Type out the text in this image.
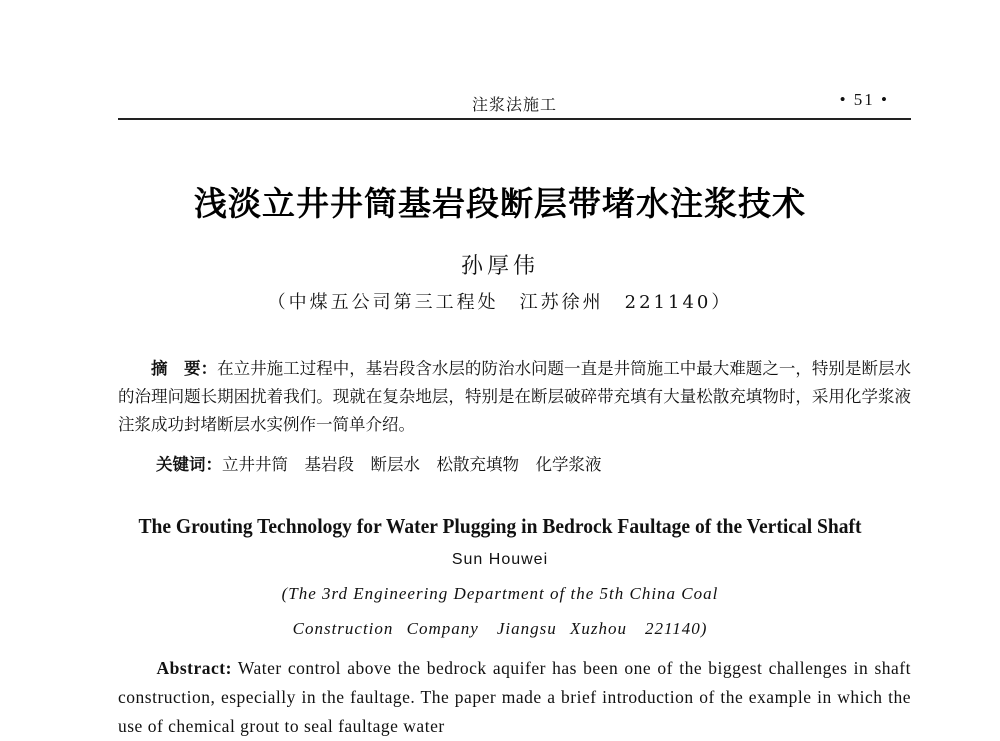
注浆法施工	• 51 •
浅淡立井井筒基岩段断层带堵水注浆技术
孙厚伟
（中煤五公司第三工程处　江苏徐州　221140）
摘　要：在立井施工过程中，基岩段含水层的防治水问题一直是井筒施工中最大难题之一，特别是断层水的治理问题长期困扰着我们。现就在复杂地层，特别是在断层破碎带充填有大量松散充填物时，采用化学浆液注浆成功封堵断层水实例作一简单介绍。
关键词：立井井筒　基岩段　断层水　松散充填物　化学浆液
The Grouting Technology for Water Plugging in Bedrock Faultage of the Vertical Shaft
Sun Houwei
(The 3rd Engineering Department of the 5th China Coal
Construction Company　Jiangsu Xuzhou　221140)
Abstract: Water control above the bedrock aquifer has been one of the biggest challenges in shaft construction, especially in the faultage. The paper made a brief introduction of the example in which the use of chemical grout to seal faultage water
